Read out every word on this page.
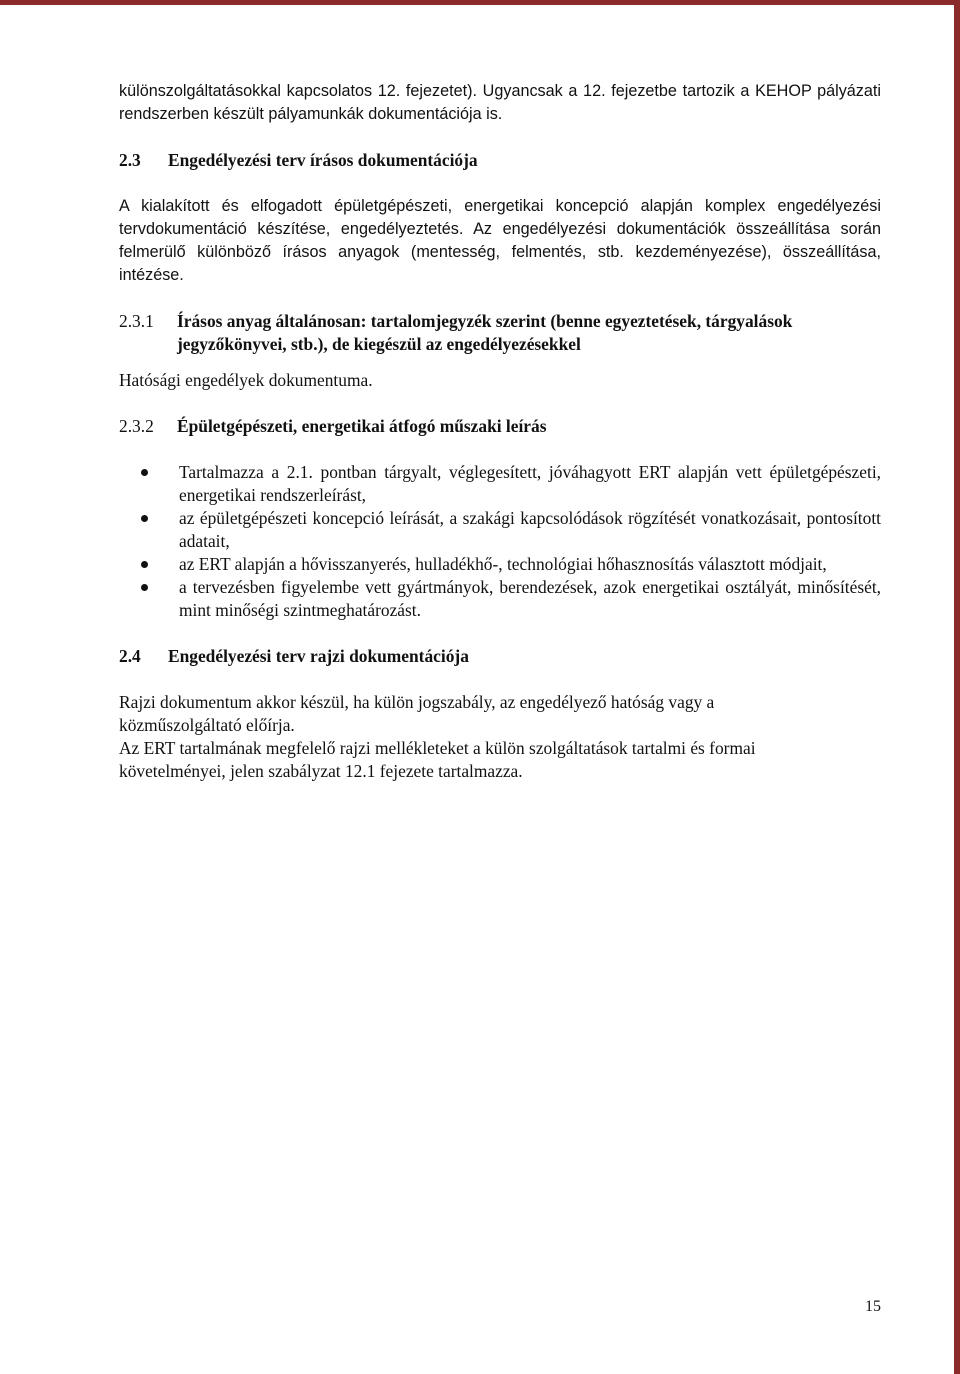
különszolgáltatásokkal kapcsolatos 12. fejezetet). Ugyancsak a 12. fejezetbe tartozik a KEHOP pályázati rendszerben készült pályamunkák dokumentációja is.

2.3	Engedélyezési terv írásos dokumentációja

A kialakított és elfogadott épületgépészeti, energetikai koncepció alapján komplex engedélyezési tervdokumentáció készítése, engedélyeztetés. Az engedélyezési dokumentációk összeállítása során felmerülő különböző írásos anyagok (mentesség, felmentés, stb. kezdeményezése), összeállítása, intézése.

2.3.1	Írásos anyag általánosan: tartalomjegyzék szerint (benne egyeztetések, tárgyalások jegyzőkönyvei, stb.), de kiegészül az engedélyezésekkel

Hatósági engedélyek dokumentuma.

2.3.2	Épületgépészeti, energetikai átfogó műszaki leírás
Tartalmazza a 2.1. pontban tárgyalt, véglegesített, jóváhagyott ERT alapján vett épületgépészeti, energetikai rendszerleírást,
az épületgépészeti koncepció leírását, a szakági kapcsolódások rögzítését vonatkozásait, pontosított adatait,
az ERT alapján a hővisszanyerés, hulladékhő-, technológiai hőhasznosítás választott módjait,
a tervezésben figyelembe vett gyártmányok, berendezések, azok energetikai osztályát, minősítését, mint minőségi szintmeghatározást.
2.4	Engedélyezési terv rajzi dokumentációja

Rajzi dokumentum akkor készül, ha külön jogszabály, az engedélyező hatóság vagy a közműszolgáltató előírja.

Az ERT tartalmának megfelelő rajzi mellékleteket a külön szolgáltatások tartalmi és formai követelményei, jelen szabályzat 12.1 fejezete tartalmazza.

15
